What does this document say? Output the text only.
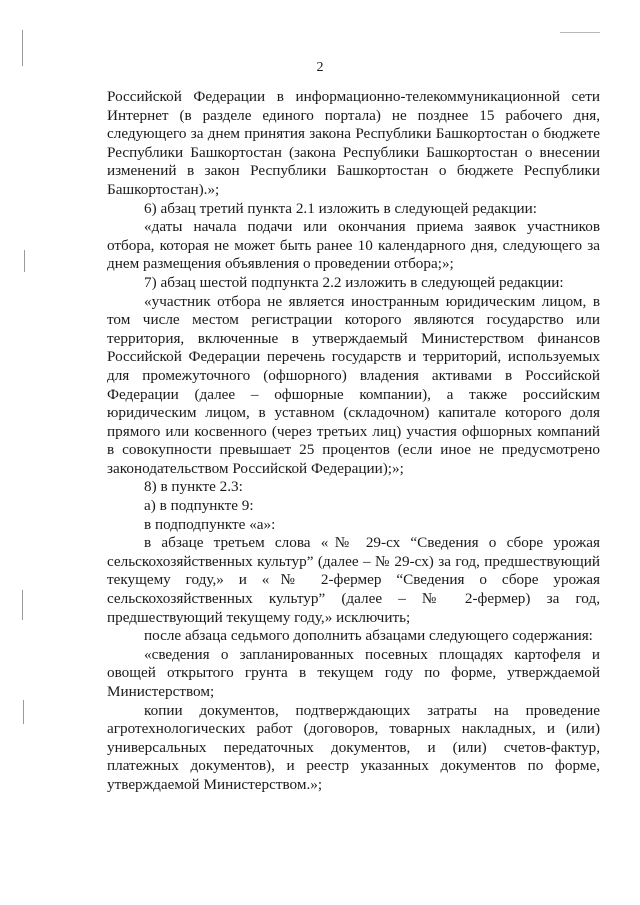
2

Российской Федерации в информационно-телекоммуникационной сети Интернет (в разделе единого портала) не позднее 15 рабочего дня, следующего за днем принятия закона Республики Башкортостан о бюджете Республики Башкортостан (закона Республики Башкортостан о внесении изменений в закон Республики Башкортостан о бюджете Республики Башкортостан).»;

6) абзац третий пункта 2.1 изложить в следующей редакции:

«даты начала подачи или окончания приема заявок участников отбора, которая не может быть ранее 10 календарного дня, следующего за днем размещения объявления о проведении отбора;»;

7) абзац шестой подпункта 2.2 изложить в следующей редакции:

«участник отбора не является иностранным юридическим лицом, в том числе местом регистрации которого являются государство или территория, включенные в утверждаемый Министерством финансов Российской Федерации перечень государств и территорий, используемых для промежуточного (офшорного) владения активами в Российской Федерации (далее – офшорные компании), а также российским юридическим лицом, в уставном (складочном) капитале которого доля прямого или косвенного (через третьих лиц) участия офшорных компаний в совокупности превышает 25 процентов (если иное не предусмотрено законодательством Российской Федерации);»;

8) в пункте 2.3:

а) в подпункте 9:

в подподпункте «а»:

в абзаце третьем слова «№ 29-сх “Сведения о сборе урожая сельскохозяйственных культур” (далее – № 29-сх) за год, предшествующий текущему году,» и «№ 2-фермер “Сведения о сборе урожая сельскохозяйственных культур” (далее – № 2-фермер) за год, предшествующий текущему году,» исключить;

после абзаца седьмого дополнить абзацами следующего содержания:

«сведения о запланированных посевных площадях картофеля и овощей открытого грунта в текущем году по форме, утверждаемой Министерством;

копии документов, подтверждающих затраты на проведение агротехнологических работ (договоров, товарных накладных, и (или) универсальных передаточных документов, и (или) счетов-фактур, платежных документов), и реестр указанных документов по форме, утверждаемой Министерством.»;
